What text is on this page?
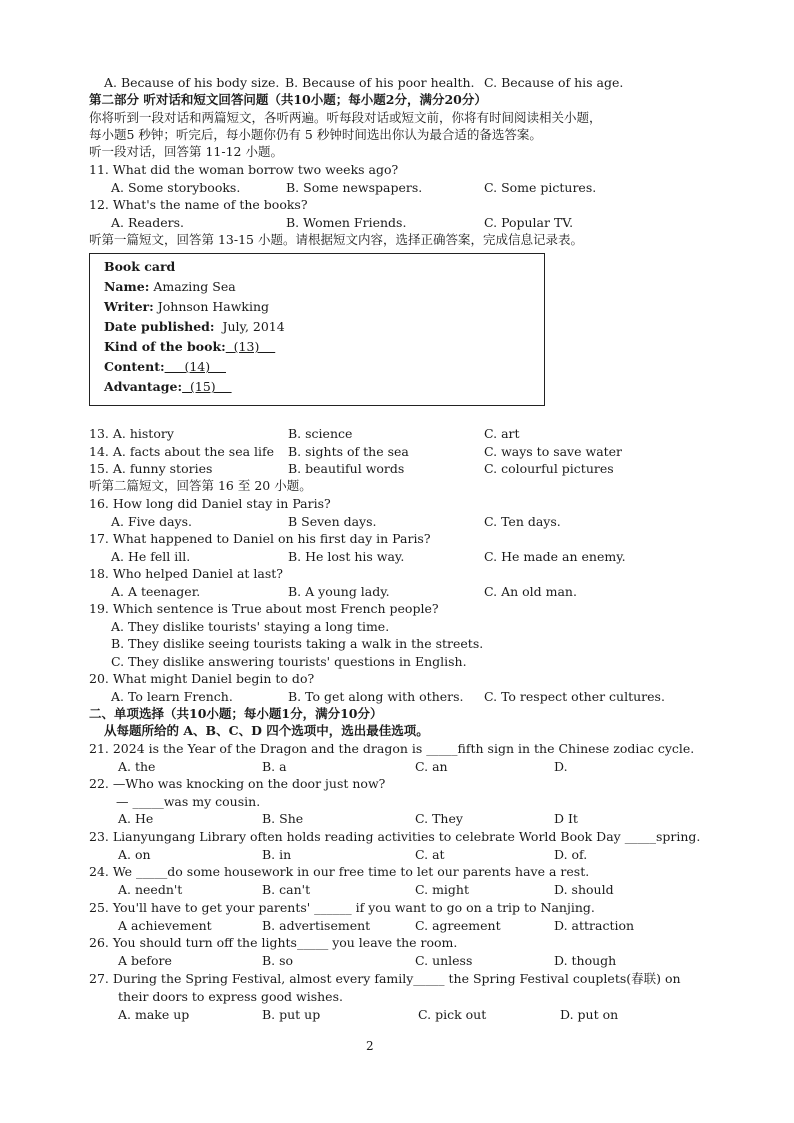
A. Because of his body size. B. Because of his poor health. C. Because of his age.
第二部分 听对话和短文回答问题（共10小题；每小题2分，满分20分）
你将听到一段对话和两篇短文，各听两遍。听每段对话或短文前，你将有时间阅读相关小题，
每小题5 秒钟；听完后，每小题你仍有 5 秒钟时间选出你认为最合适的备选答案。
听一段对话，回答第 11-12 小题。
11. What did the woman borrow two weeks ago?
A. Some storybooks.	B. Some newspapers.	C. Some pictures.
12. What's the name of the books?
A. Readers.	B. Women Friends.	C. Popular TV.
听第一篇短文，回答第 13-15 小题。请根据短文内容，选择正确答案，完成信息记录表。
Book card
Name: Amazing Sea
Writer: Johnson Hawking
Date published: July, 2014
Kind of the book:  (13)
Content:     (14)
Advantage:  (15)
13. A. history	B. science	C. art
14. A. facts about the sea life B. sights of the sea	C. ways to save water
15. A. funny stories	B. beautiful words	C. colourful pictures
听第二篇短文，回答第 16 至 20 小题。
16. How long did Daniel stay in Paris?
A. Five days.	B Seven days.	C. Ten days.
17. What happened to Daniel on his first day in Paris?
A. He fell ill.	B. He lost his way.	C. He made an enemy.
18. Who helped Daniel at last?
A. A teenager.	B. A young lady.	C. An old man.
19. Which sentence is True about most French people?
A. They dislike tourists' staying a long time.
B. They dislike seeing tourists taking a walk in the streets.
C. They dislike answering tourists' questions in English.
20. What might Daniel begin to do?
A. To learn French.	B. To get along with others. C. To respect other cultures.
二、单项选择（共10小题；每小题1分，满分10分）
从每题所给的 A、B、C、D 四个选项中，选出最佳选项。
21. 2024 is the Year of the Dragon and the dragon is _____fifth sign in the Chinese zodiac cycle.
A. the	B. a	C. an	D.
22. —Who was knocking on the door just now?
— _____was my cousin.
A. He	B. She	C. They	D It
23. Lianyungang Library often holds reading activities to celebrate World Book Day _____spring.
A. on	B. in	C. at	D. of.
24. We _____do some housework in our free time to let our parents have a rest.
A. needn't	B. can't	C. might	D. should
25. You'll have to get your parents' ______ if you want to go on a trip to Nanjing.
A achievement	B. advertisement	C. agreement	D. attraction
26. You should turn off the lights_____ you leave the room.
A before	B. so	C. unless	D. though
27. During the Spring Festival, almost every family_____ the Spring Festival couplets(春联) on
their doors to express good wishes.
A. make up	B. put up	C. pick out	D. put on
2
